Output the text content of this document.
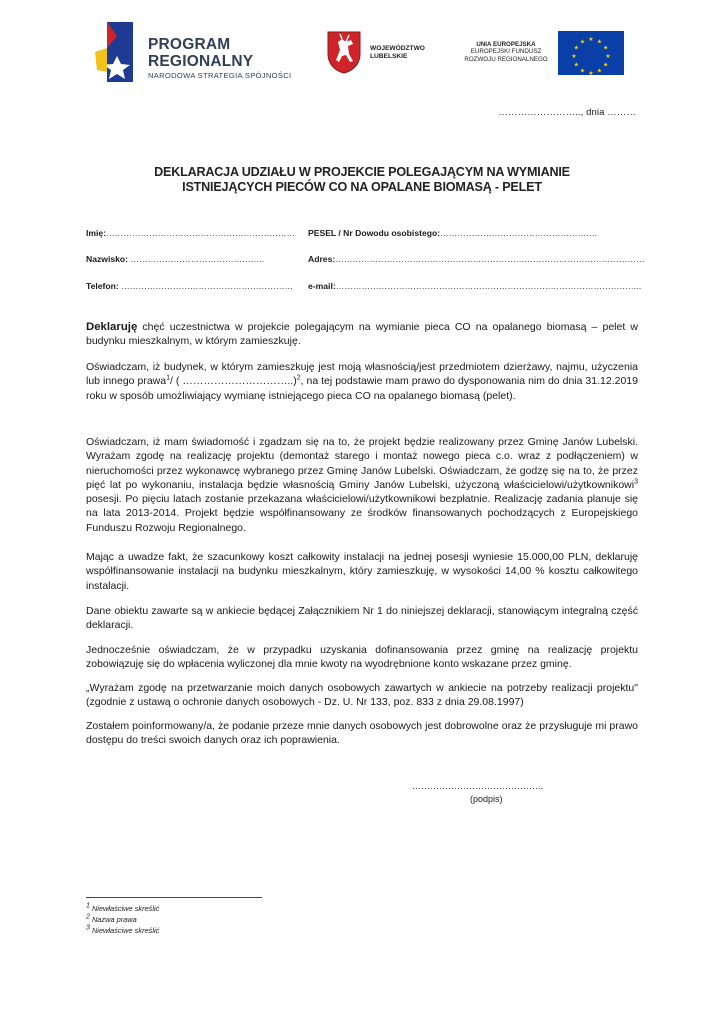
PROGRAM
REGIONALNY
NARODOWA STRATEGIA SPÓJNOŚCI
WOJEWÓDZTWO
LUBELSKIE
UNIA EUROPEJSKA
EUROPEJSKI FUNDUSZ
ROZWOJU REGIONALNEGO
★ ★
★
★
★
★
★
★
★
★
★
★
…………………….., dnia ………
DEKLARACJA UDZIAŁU W PROJEKCIE POLEGAJĄCYM NA WYMIANIE
ISTNIEJĄCYCH PIECÓW CO NA OPALANE BIOMASĄ - PELET
Imię:………………………………………………………… PESEL / Nr Dowodu osobistego:……………………………………………….
Nazwisko: ………………………………………..	Adres:………………………………………………………………………………………………
Telefon: …………………………………………………… e-mail:……………………………………………………………………………………………..
Deklaruję chęć uczestnictwa w projekcie polegającym na wymianie pieca CO na opalanego biomasą – pelet w budynku mieszkalnym, w którym zamieszkuję.
Oświadczam, iż budynek, w którym zamieszkuję jest moją własnością/jest przedmiotem dzierżawy, najmu, użyczenia lub innego prawa$^1$/ ( …………………………..)$^2$, na tej podstawie mam prawo do dysponowania nim do dnia 31.12.2019 roku w sposób umożliwiający wymianę istniejącego pieca CO na opalanego biomasą (pelet).
Oświadczam, iż mam świadomość i zgadzam się na to, że projekt będzie realizowany przez Gminę Janów Lubelski. Wyrażam zgodę na realizację projektu (demontaż starego i montaż nowego pieca c.o. wraz z podłączeniem) w nieruchomości przez wykonawcę wybranego przez Gminę Janów Lubelski. Oświadczam, że godzę się na to, że przez pięć lat po wykonaniu, instalacja będzie własnością Gminy Janów Lubelski, użyczoną właścicielowi/użytkownikowi$^3$ posesji. Po pięciu latach zostanie przekazana właścicielowi/użytkownikowi bezpłatnie. Realizację zadania planuje się na lata 2013-2014. Projekt będzie współfinansowany ze środków finansowanych pochodzących z Europejskiego Funduszu Rozwoju Regionalnego.
Mając a uwadze fakt, że szacunkowy koszt całkowity instalacji na jednej posesji wyniesie 15.000,00 PLN, deklaruję współfinansowanie instalacji na budynku mieszkalnym, który zamieszkuję, w wysokości 14,00 % kosztu całkowitego instalacji.
Dane obiektu zawarte są w ankiecie będącej Załącznikiem Nr 1 do niniejszej deklaracji, stanowiącym integralną część deklaracji.
Jednocześnie oświadczam, że w przypadku uzyskania dofinansowania przez gminę na realizację projektu zobowiązuję się do wpłacenia wyliczonej dla mnie kwoty na wyodrębnione konto wskazane przez gminę.
„Wyrażam zgodę na przetwarzanie moich danych osobowych zawartych w ankiecie na potrzeby realizacji projektu" (zgodnie z ustawą o ochronie danych osobowych - Dz. U. Nr 133, poz. 833 z dnia 29.08.1997)
Zostałem poinformowany/a, że podanie przeze mnie danych osobowych jest dobrowolne oraz że przysługuje mi prawo dostępu do treści swoich danych oraz ich poprawienia.
……………………………………..
(podpis)
$^1$ Niewłaściwe skreślić
$^2$ Nazwa prawa
$^3$ Niewłaściwe skreślić
